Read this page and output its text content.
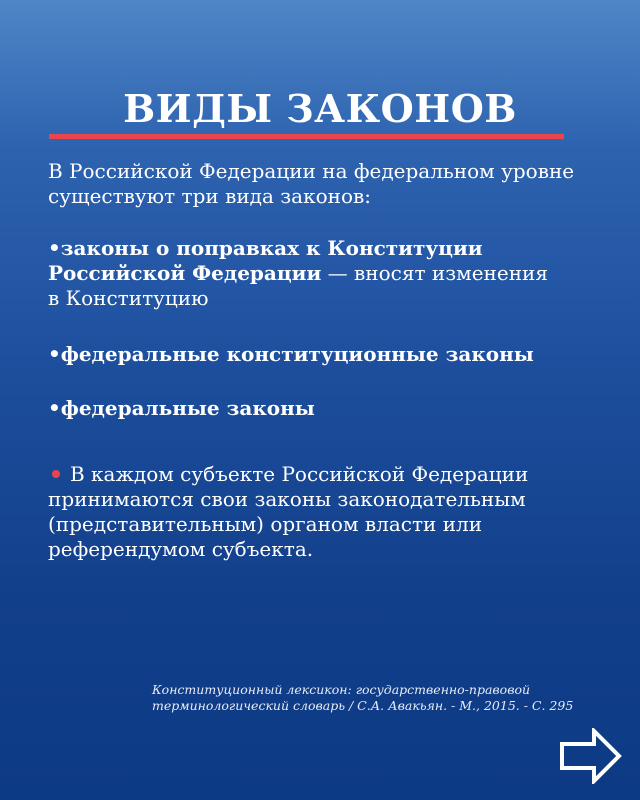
ВИДЫ ЗАКОНОВ
В Российской Федерации на федеральном уровне
существуют три вида законов:
•законы о поправках к Конституции
Российской Федерации — вносят изменения
в Конституцию
•федеральные конституционные законы
•федеральные законы
В каждом субъекте Российской Федерации
принимаются свои законы законодательным
(представительным) органом власти или
референдумом субъекта.
Конституционный лексикон: государственно-правовой
терминологический словарь / С.А. Авакьян. - М., 2015. - С. 295
